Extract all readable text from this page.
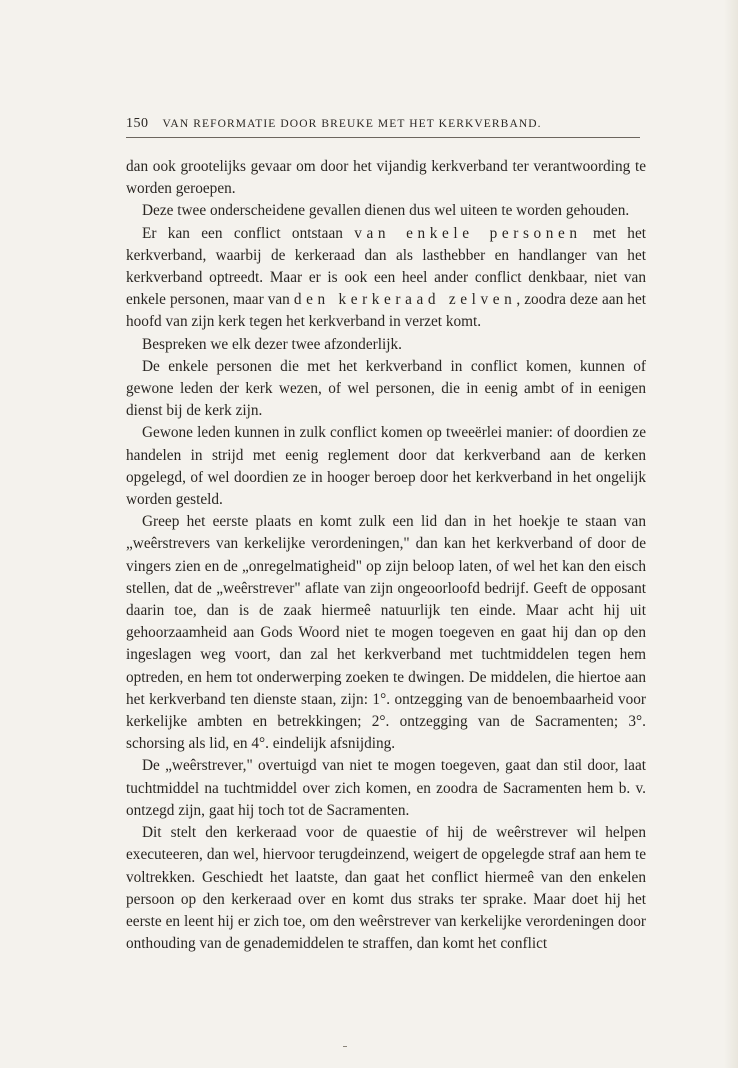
150 VAN REFORMATIE DOOR BREUKE MET HET KERKVERBAND.

dan ook grootelijks gevaar om door het vijandig kerkverband ter verantwoording te worden geroepen.

Deze twee onderscheidene gevallen dienen dus wel uiteen te worden gehouden.

Er kan een conflict ontstaan van enkele personen met het kerkverband, waarbij de kerkeraad dan als lasthebber en handlanger van het kerkverband optreedt. Maar er is ook een heel ander conflict denkbaar, niet van enkele personen, maar van den kerkeraad zelven, zoodra deze aan het hoofd van zijn kerk tegen het kerkverband in verzet komt.

Bespreken we elk dezer twee afzonderlijk.

De enkele personen die met het kerkverband in conflict komen, kunnen of gewone leden der kerk wezen, of wel personen, die in eenig ambt of in eenigen dienst bij de kerk zijn.

Gewone leden kunnen in zulk conflict komen op tweeërlei manier: of doordien ze handelen in strijd met eenig reglement door dat kerkverband aan de kerken opgelegd, of wel doordien ze in hooger beroep door het kerkverband in het ongelijk worden gesteld.

Greep het eerste plaats en komt zulk een lid dan in het hoekje te staan van „weêrstrevers van kerkelijke verordeningen," dan kan het kerkverband of door de vingers zien en de „onregelmatigheid" op zijn beloop laten, of wel het kan den eisch stellen, dat de „weêrstrever" aflate van zijn ongeoorloofd bedrijf. Geeft de opposant daarin toe, dan is de zaak hiermeê natuurlijk ten einde. Maar acht hij uit gehoorzaamheid aan Gods Woord niet te mogen toegeven en gaat hij dan op den ingeslagen weg voort, dan zal het kerkverband met tuchtmiddelen tegen hem optreden, en hem tot onderwerping zoeken te dwingen. De middelen, die hiertoe aan het kerkverband ten dienste staan, zijn: 1°. ontzegging van de benoembaarheid voor kerkelijke ambten en betrekkingen; 2°. ontzegging van de Sacramenten; 3°. schorsing als lid, en 4°. eindelijk afsnijding.

De „weêrstrever," overtuigd van niet te mogen toegeven, gaat dan stil door, laat tuchtmiddel na tuchtmiddel over zich komen, en zoodra de Sacramenten hem b. v. ontzegd zijn, gaat hij toch tot de Sacramenten.

Dit stelt den kerkeraad voor de quaestie of hij de weêrstrever wil helpen executeeren, dan wel, hiervoor terugdeinzend, weigert de opgelegde straf aan hem te voltrekken. Geschiedt het laatste, dan gaat het conflict hiermeê van den enkelen persoon op den kerkeraad over en komt dus straks ter sprake. Maar doet hij het eerste en leent hij er zich toe, om den weêrstrever van kerkelijke verordeningen door onthouding van de genademiddelen te straffen, dan komt het conflict
